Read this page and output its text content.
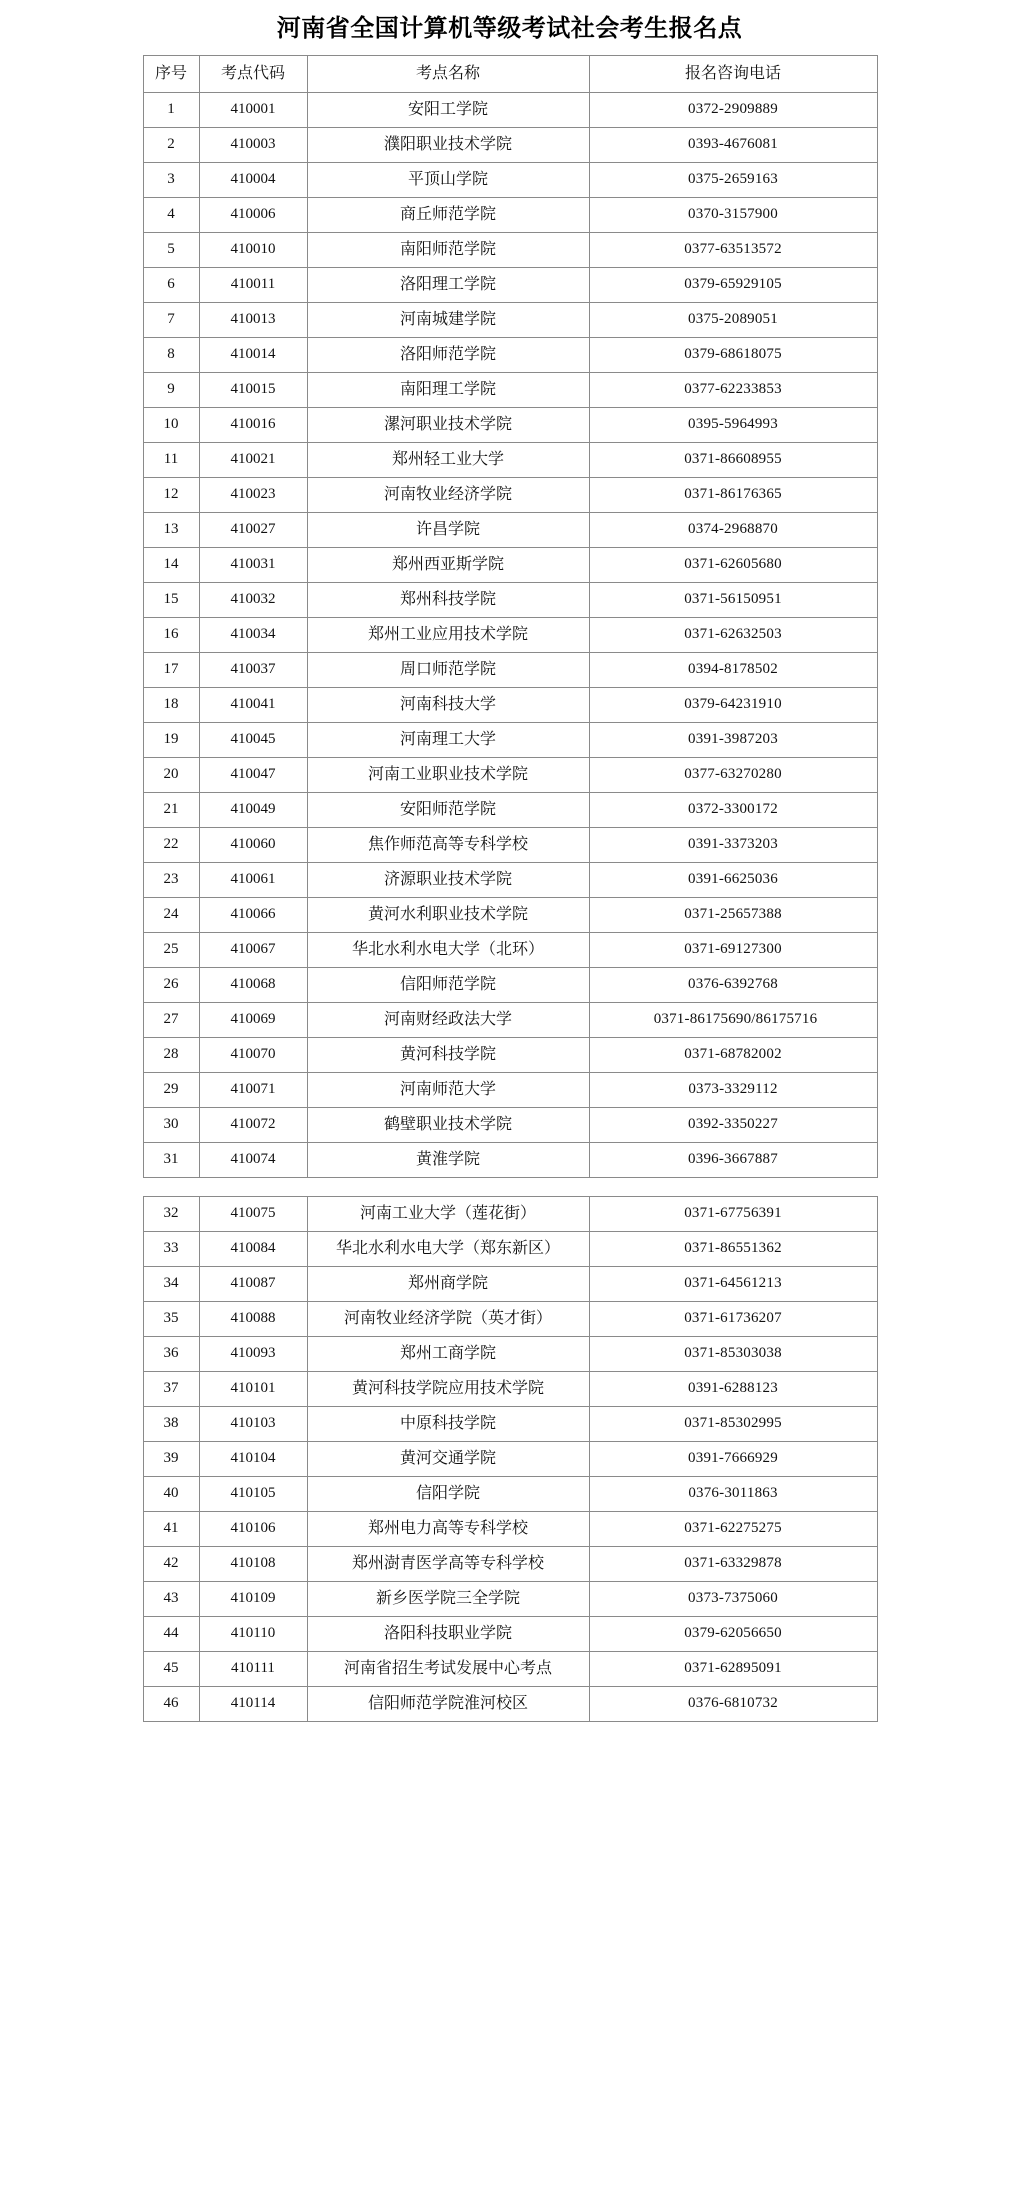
河南省全国计算机等级考试社会考生报名点
序号	考点代码	考点名称	报名咨询电话
1	410001	安阳工学院	0372-2909889
2	410003	濮阳职业技术学院	0393-4676081
3	410004	平顶山学院	0375-2659163
4	410006	商丘师范学院	0370-3157900
5	410010	南阳师范学院	0377-63513572
6	410011	洛阳理工学院	0379-65929105
7	410013	河南城建学院	0375-2089051
8	410014	洛阳师范学院	0379-68618075
9	410015	南阳理工学院	0377-62233853
10	410016	漯河职业技术学院	0395-5964993
11	410021	郑州轻工业大学	0371-86608955
12	410023	河南牧业经济学院	0371-86176365
13	410027	许昌学院	0374-2968870
14	410031	郑州西亚斯学院	0371-62605680
15	410032	郑州科技学院	0371-56150951
16	410034	郑州工业应用技术学院	0371-62632503
17	410037	周口师范学院	0394-8178502
18	410041	河南科技大学	0379-64231910
19	410045	河南理工大学	0391-3987203
20	410047	河南工业职业技术学院	0377-63270280
21	410049	安阳师范学院	0372-3300172
22	410060	焦作师范高等专科学校	0391-3373203
23	410061	济源职业技术学院	0391-6625036
24	410066	黄河水利职业技术学院	0371-25657388
25	410067	华北水利水电大学（北环）	0371-69127300
26	410068	信阳师范学院	0376-6392768
27	410069	河南财经政法大学	0371-86175690/86175716
28	410070	黄河科技学院	0371-68782002
29	410071	河南师范大学	0373-3329112
30	410072	鹤壁职业技术学院	0392-3350227
31	410074	黄淮学院	0396-3667887
32	410075	河南工业大学（莲花街）	0371-67756391
33	410084	华北水利水电大学（郑东新区）	0371-86551362
34	410087	郑州商学院	0371-64561213
35	410088	河南牧业经济学院（英才街）	0371-61736207
36	410093	郑州工商学院	0371-85303038
37	410101	黄河科技学院应用技术学院	0391-6288123
38	410103	中原科技学院	0371-85302995
39	410104	黄河交通学院	0391-7666929
40	410105	信阳学院	0376-3011863
41	410106	郑州电力高等专科学校	0371-62275275
42	410108	郑州澍青医学高等专科学校	0371-63329878
43	410109	新乡医学院三全学院	0373-7375060
44	410110	洛阳科技职业学院	0379-62056650
45	410111	河南省招生考试发展中心考点	0371-62895091
46	410114	信阳师范学院淮河校区	0376-6810732
